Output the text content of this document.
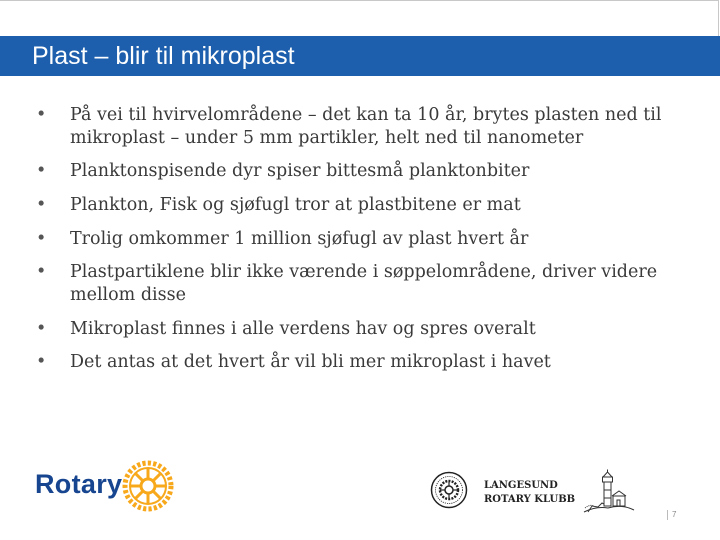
Plast – blir til mikroplast
• På vei til hvirvelområdene – det kan ta 10 år, brytes plasten ned til mikroplast – under 5 mm partikler, helt ned til nanometer
• Planktonspisende dyr spiser bittesmå planktonbiter
• Plankton, Fisk og sjøfugl tror at plastbitene er mat
• Trolig omkommer 1 million sjøfugl av plast hvert år
• Plastpartiklene blir ikke værende i søppelområdene, driver videre mellom disse
• Mikroplast finnes i alle verdens hav og spres overalt
• Det antas at det hvert år vil bli mer mikroplast i havet
Rotary	LANGESUND
ROTARY KLUBB
7
